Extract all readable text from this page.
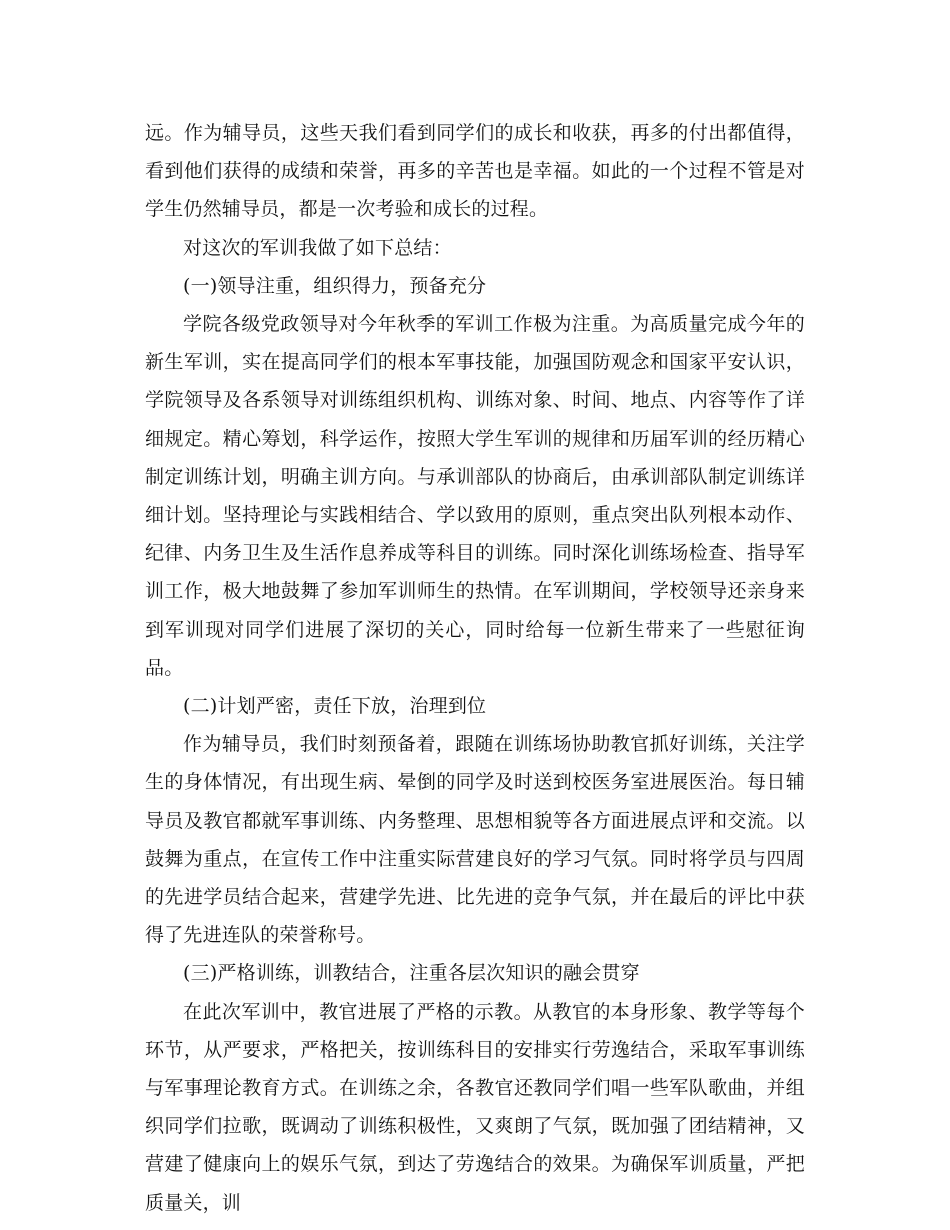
远。作为辅导员，这些天我们看到同学们的成长和收获，再多的付出都值得，看到他们获得的成绩和荣誉，再多的辛苦也是幸福。如此的一个过程不管是对学生仍然辅导员，都是一次考验和成长的过程。

对这次的军训我做了如下总结：

(一)领导注重，组织得力，预备充分

学院各级党政领导对今年秋季的军训工作极为注重。为高质量完成今年的新生军训，实在提高同学们的根本军事技能，加强国防观念和国家平安认识，学院领导及各系领导对训练组织机构、训练对象、时间、地点、内容等作了详细规定。精心筹划，科学运作，按照大学生军训的规律和历届军训的经历精心制定训练计划，明确主训方向。与承训部队的协商后，由承训部队制定训练详细计划。坚持理论与实践相结合、学以致用的原则，重点突出队列根本动作、纪律、内务卫生及生活作息养成等科目的训练。同时深化训练场检查、指导军训工作，极大地鼓舞了参加军训师生的热情。在军训期间，学校领导还亲身来到军训现对同学们进展了深切的关心，同时给每一位新生带来了一些慰征询品。

(二)计划严密，责任下放，治理到位

作为辅导员，我们时刻预备着，跟随在训练场协助教官抓好训练，关注学生的身体情况，有出现生病、晕倒的同学及时送到校医务室进展医治。每日辅导员及教官都就军事训练、内务整理、思想相貌等各方面进展点评和交流。以鼓舞为重点，在宣传工作中注重实际营建良好的学习气氛。同时将学员与四周的先进学员结合起来，营建学先进、比先进的竞争气氛，并在最后的评比中获得了先进连队的荣誉称号。

(三)严格训练，训教结合，注重各层次知识的融会贯穿

在此次军训中，教官进展了严格的示教。从教官的本身形象、教学等每个环节，从严要求，严格把关，按训练科目的安排实行劳逸结合，采取军事训练与军事理论教育方式。在训练之余，各教官还教同学们唱一些军队歌曲，并组织同学们拉歌，既调动了训练积极性，又爽朗了气氛，既加强了团结精神，又营建了健康向上的娱乐气氛，到达了劳逸结合的效果。为确保军训质量，严把质量关，训
